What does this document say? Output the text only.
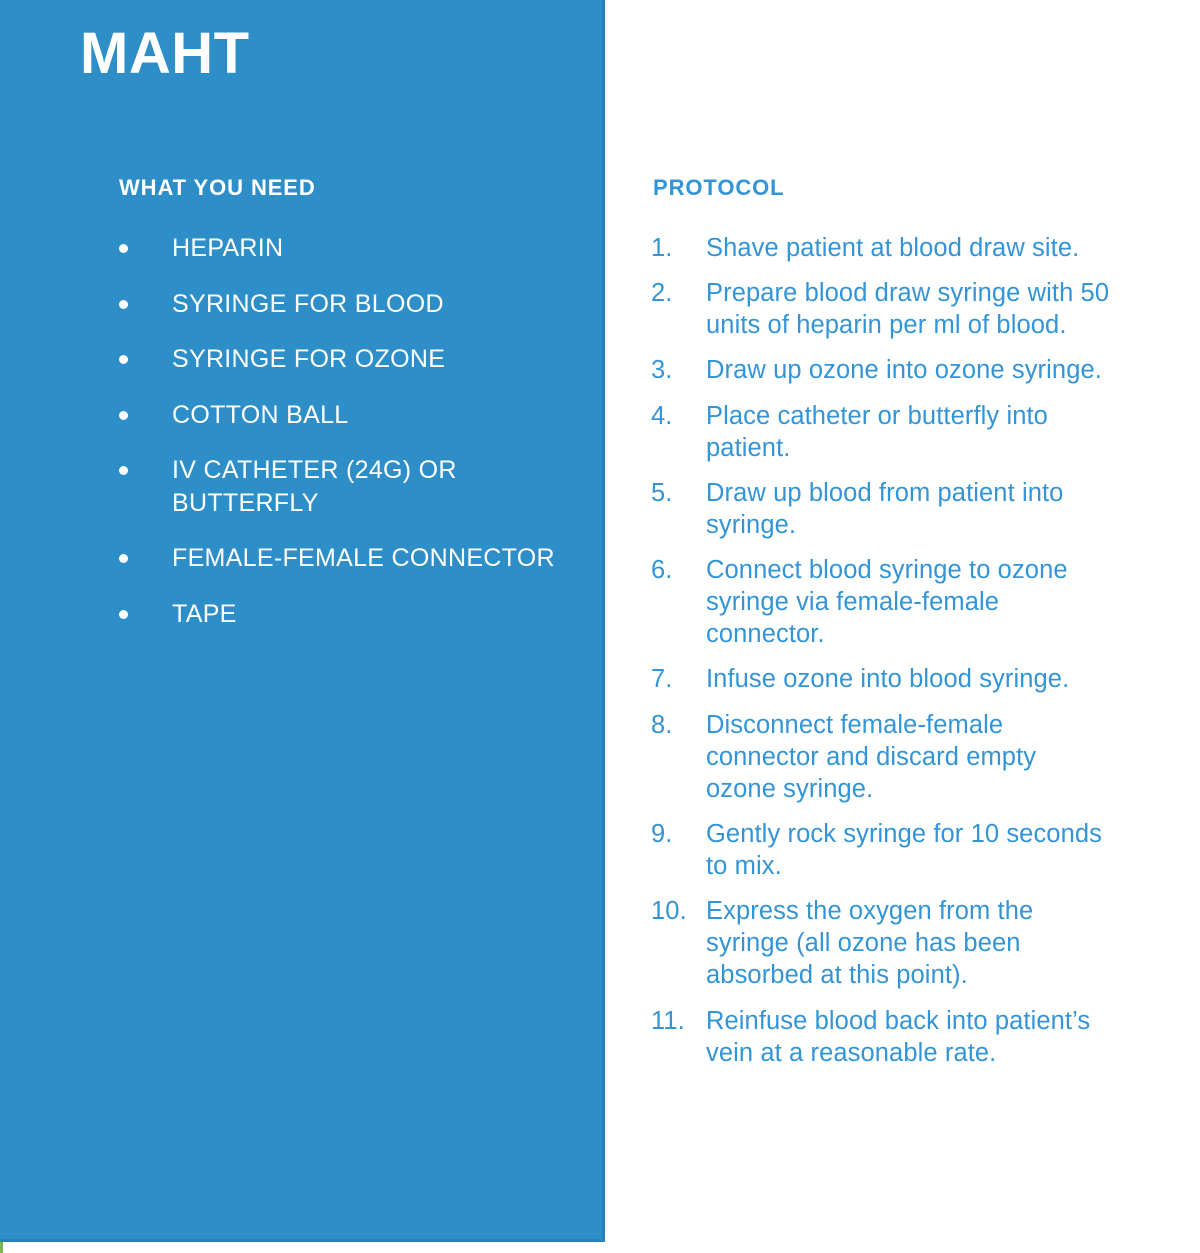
MAHT
WHAT YOU NEED
HEPARIN
SYRINGE FOR BLOOD
SYRINGE FOR OZONE
COTTON BALL
IV CATHETER (24G) OR BUTTERFLY
FEMALE-FEMALE CONNECTOR
TAPE
PROTOCOL
1. Shave patient at blood draw site.
2. Prepare blood draw syringe with 50 units of heparin per ml of blood.
3. Draw up ozone into ozone syringe.
4. Place catheter or butterfly into patient.
5. Draw up blood from patient into syringe.
6. Connect blood syringe to ozone syringe via female-female connector.
7. Infuse ozone into blood syringe.
8. Disconnect female-female connector and discard empty ozone syringe.
9. Gently rock syringe for 10 seconds to mix.
10. Express the oxygen from the syringe (all ozone has been absorbed at this point).
11. Reinfuse blood back into patient’s vein at a reasonable rate.
